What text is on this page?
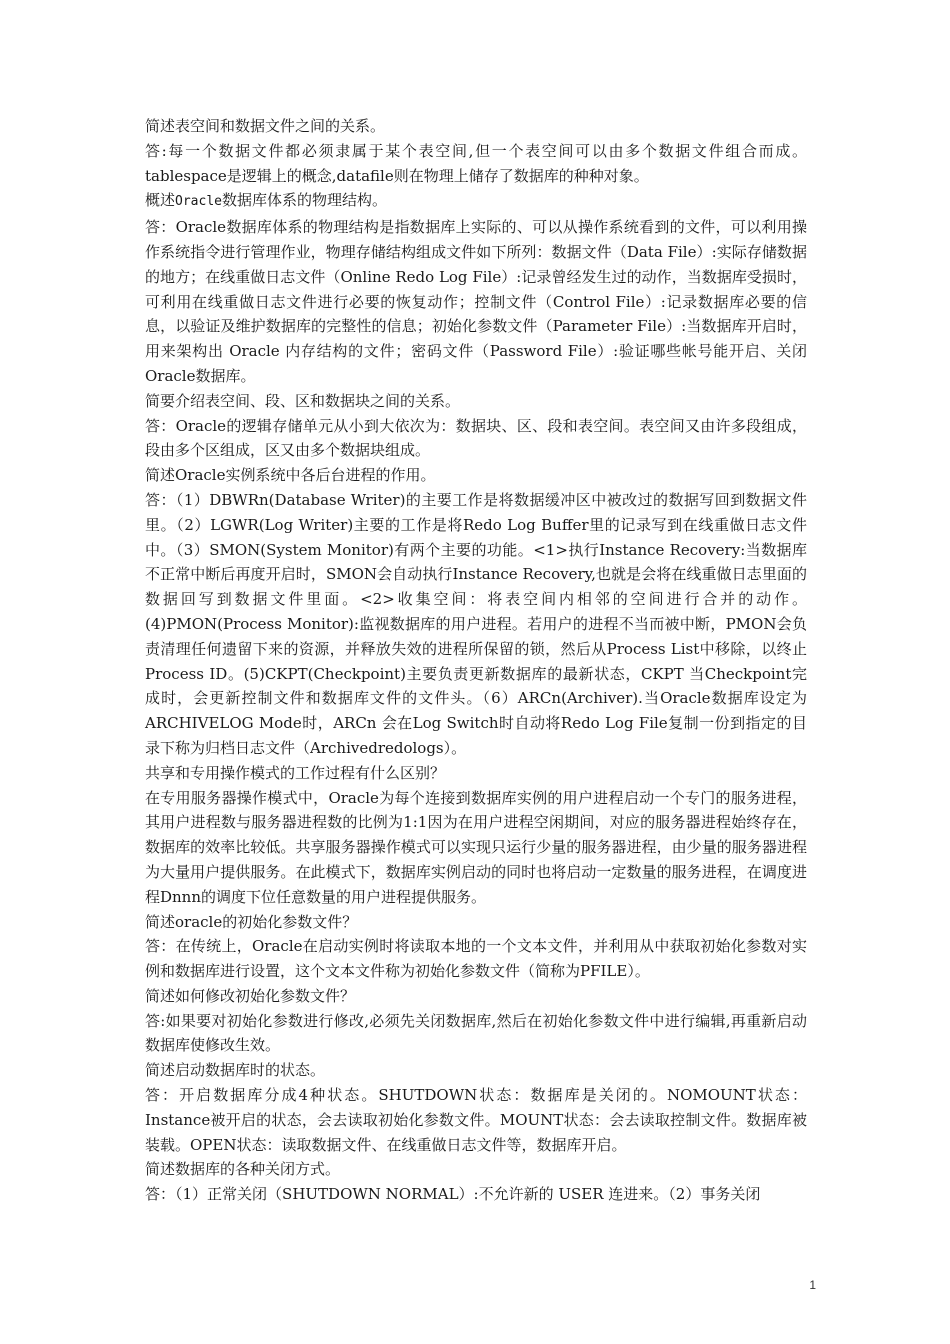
简述表空间和数据文件之间的关系。

答:每一个数据文件都必须隶属于某个表空间,但一个表空间可以由多个数据文件组合而成。tablespace是逻辑上的概念,datafile则在物理上储存了数据库的种种对象。

概述Oracle数据库体系的物理结构。

答：Oracle数据库体系的物理结构是指数据库上实际的、可以从操作系统看到的文件，可以利用操作系统指令进行管理作业，物理存储结构组成文件如下所列：数据文件（Data File）:实际存储数据的地方；在线重做日志文件（Online Redo Log File）:记录曾经发生过的动作，当数据库受损时，可利用在线重做日志文件进行必要的恢复动作；控制文件（Control File）:记录数据库必要的信息，以验证及维护数据库的完整性的信息；初始化参数文件（Parameter File）:当数据库开启时，用来架构出 Oracle 内存结构的文件；密码文件（Password File）:验证哪些帐号能开启、关闭Oracle数据库。

简要介绍表空间、段、区和数据块之间的关系。

答：Oracle的逻辑存储单元从小到大依次为：数据块、区、段和表空间。表空间又由许多段组成，段由多个区组成，区又由多个数据块组成。

简述Oracle实例系统中各后台进程的作用。

答：（1）DBWRn(Database Writer)的主要工作是将数据缓冲区中被改过的数据写回到数据文件里。（2）LGWR(Log Writer)主要的工作是将Redo Log Buffer里的记录写到在线重做日志文件中。（3）SMON(System Monitor)有两个主要的功能。<1>执行Instance Recovery:当数据库不正常中断后再度开启时，SMON会自动执行Instance Recovery,也就是会将在线重做日志里面的数据回写到数据文件里面。<2>收集空间：将表空间内相邻的空间进行合并的动作。(4)PMON(Process Monitor):监视数据库的用户进程。若用户的进程不当而被中断，PMON会负责清理任何遗留下来的资源，并释放失效的进程所保留的锁，然后从Process List中移除，以终止 Process ID。(5)CKPT(Checkpoint)主要负责更新数据库的最新状态，CKPT 当Checkpoint完成时，会更新控制文件和数据库文件的文件头。（6）ARCn(Archiver).当Oracle数据库设定为ARCHIVELOG Mode时，ARCn 会在Log Switch时自动将Redo Log File复制一份到指定的目录下称为归档日志文件（Archivedredologs）。

共享和专用操作模式的工作过程有什么区别？

在专用服务器操作模式中，Oracle为每个连接到数据库实例的用户进程启动一个专门的服务进程，其用户进程数与服务器进程数的比例为1:1因为在用户进程空闲期间，对应的服务器进程始终存在，数据库的效率比较低。共享服务器操作模式可以实现只运行少量的服务器进程，由少量的服务器进程为大量用户提供服务。在此模式下，数据库实例启动的同时也将启动一定数量的服务进程，在调度进程Dnnn的调度下位任意数量的用户进程提供服务。

简述oracle的初始化参数文件？

答：在传统上，Oracle在启动实例时将读取本地的一个文本文件，并利用从中获取初始化参数对实例和数据库进行设置，这个文本文件称为初始化参数文件（简称为PFILE）。

简述如何修改初始化参数文件？

答:如果要对初始化参数进行修改,必须先关闭数据库,然后在初始化参数文件中进行编辑,再重新启动数据库使修改生效。

简述启动数据库时的状态。

答：开启数据库分成4种状态。SHUTDOWN状态：数据库是关闭的。NOMOUNT状态：Instance被开启的状态，会去读取初始化参数文件。MOUNT状态：会去读取控制文件。数据库被装载。OPEN状态：读取数据文件、在线重做日志文件等，数据库开启。

简述数据库的各种关闭方式。

答：（1）正常关闭（SHUTDOWN NORMAL）:不允许新的 USER 连进来。（2）事务关闭

1
